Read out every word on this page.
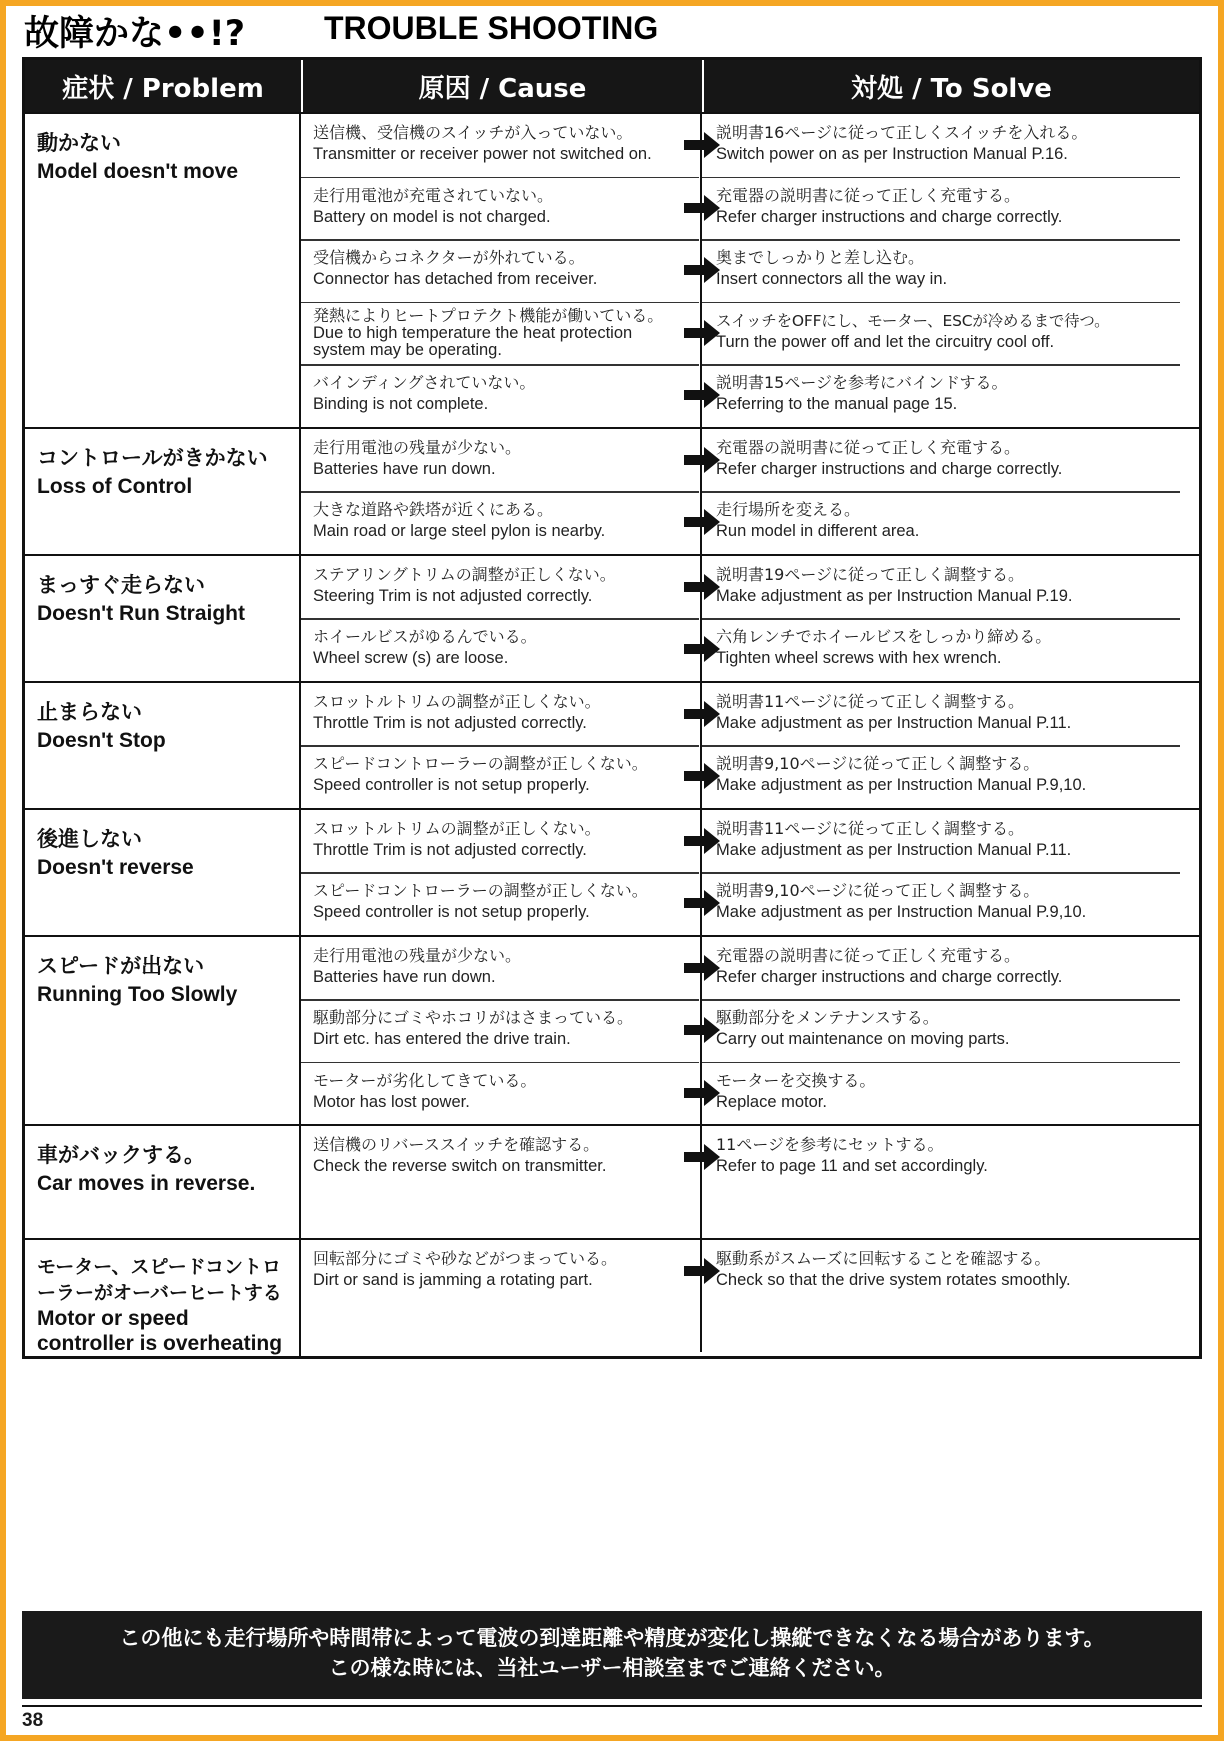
故障かな••!? TROUBLE SHOOTING
症状 / Problem	原因 / Cause	対処 / To Solve
動かない
Model doesn't move
送信機、受信機のスイッチが入っていない。
Transmitter or receiver power not switched on.
説明書16ページに従って正しくスイッチを入れる。
Switch power on as per Instruction Manual P.16.
走行用電池が充電されていない。
Battery on model is not charged.
充電器の説明書に従って正しく充電する。
Refer charger instructions and charge correctly.
受信機からコネクターが外れている。
Connector has detached from receiver.
奥までしっかりと差し込む。
Insert connectors all the way in.
発熱によりヒートプロテクト機能が働いている。
Due to high temperature the heat protection
system may be operating.
スイッチをOFFにし、モーター、ESCが冷めるまで待つ。
Turn the power off and let the circuitry cool off.
バインディングされていない。
Binding is not complete.
説明書15ページを参考にバインドする。
Referring to the manual page 15.
コントロールがきかない
Loss of Control
走行用電池の残量が少ない。
Batteries have run down.
充電器の説明書に従って正しく充電する。
Refer charger instructions and charge correctly.
大きな道路や鉄塔が近くにある。
Main road or large steel pylon is nearby.
走行場所を変える。
Run model in different area.
まっすぐ走らない
Doesn't Run Straight
ステアリングトリムの調整が正しくない。
Steering Trim is not adjusted correctly.
説明書19ページに従って正しく調整する。
Make adjustment as per Instruction Manual P.19.
ホイールビスがゆるんでいる。
Wheel screw (s) are loose.
六角レンチでホイールビスをしっかり締める。
Tighten wheel screws with hex wrench.
止まらない
Doesn't Stop
スロットルトリムの調整が正しくない。
Throttle Trim is not adjusted correctly.
説明書11ページに従って正しく調整する。
Make adjustment as per Instruction Manual P.11.
スピードコントローラーの調整が正しくない。
Speed controller is not setup properly.
説明書9,10ページに従って正しく調整する。
Make adjustment as per Instruction Manual P.9,10.
後進しない
Doesn't reverse
スロットルトリムの調整が正しくない。
Throttle Trim is not adjusted correctly.
説明書11ページに従って正しく調整する。
Make adjustment as per Instruction Manual P.11.
スピードコントローラーの調整が正しくない。
Speed controller is not setup properly.
説明書9,10ページに従って正しく調整する。
Make adjustment as per Instruction Manual P.9,10.
スピードが出ない
Running Too Slowly
走行用電池の残量が少ない。
Batteries have run down.
充電器の説明書に従って正しく充電する。
Refer charger instructions and charge correctly.
駆動部分にゴミやホコリがはさまっている。
Dirt etc. has entered the drive train.
駆動部分をメンテナンスする。
Carry out maintenance on moving parts.
モーターが劣化してきている。
Motor has lost power.
モーターを交換する。
Replace motor.
車がバックする。
Car moves in reverse.
送信機のリバーススイッチを確認する。
Check the reverse switch on transmitter.
11ページを参考にセットする。
Refer to page 11 and set accordingly.
モーター、スピードコントローラーがオーバーヒートする
Motor or speed controller is overheating
回転部分にゴミや砂などがつまっている。
Dirt or sand is jamming a rotating part.
駆動系がスムーズに回転することを確認する。
Check so that the drive system rotates smoothly.
この他にも走行場所や時間帯によって電波の到達距離や精度が変化し操縦できなくなる場合があります。
この様な時には、当社ユーザー相談室までご連絡ください。
38
